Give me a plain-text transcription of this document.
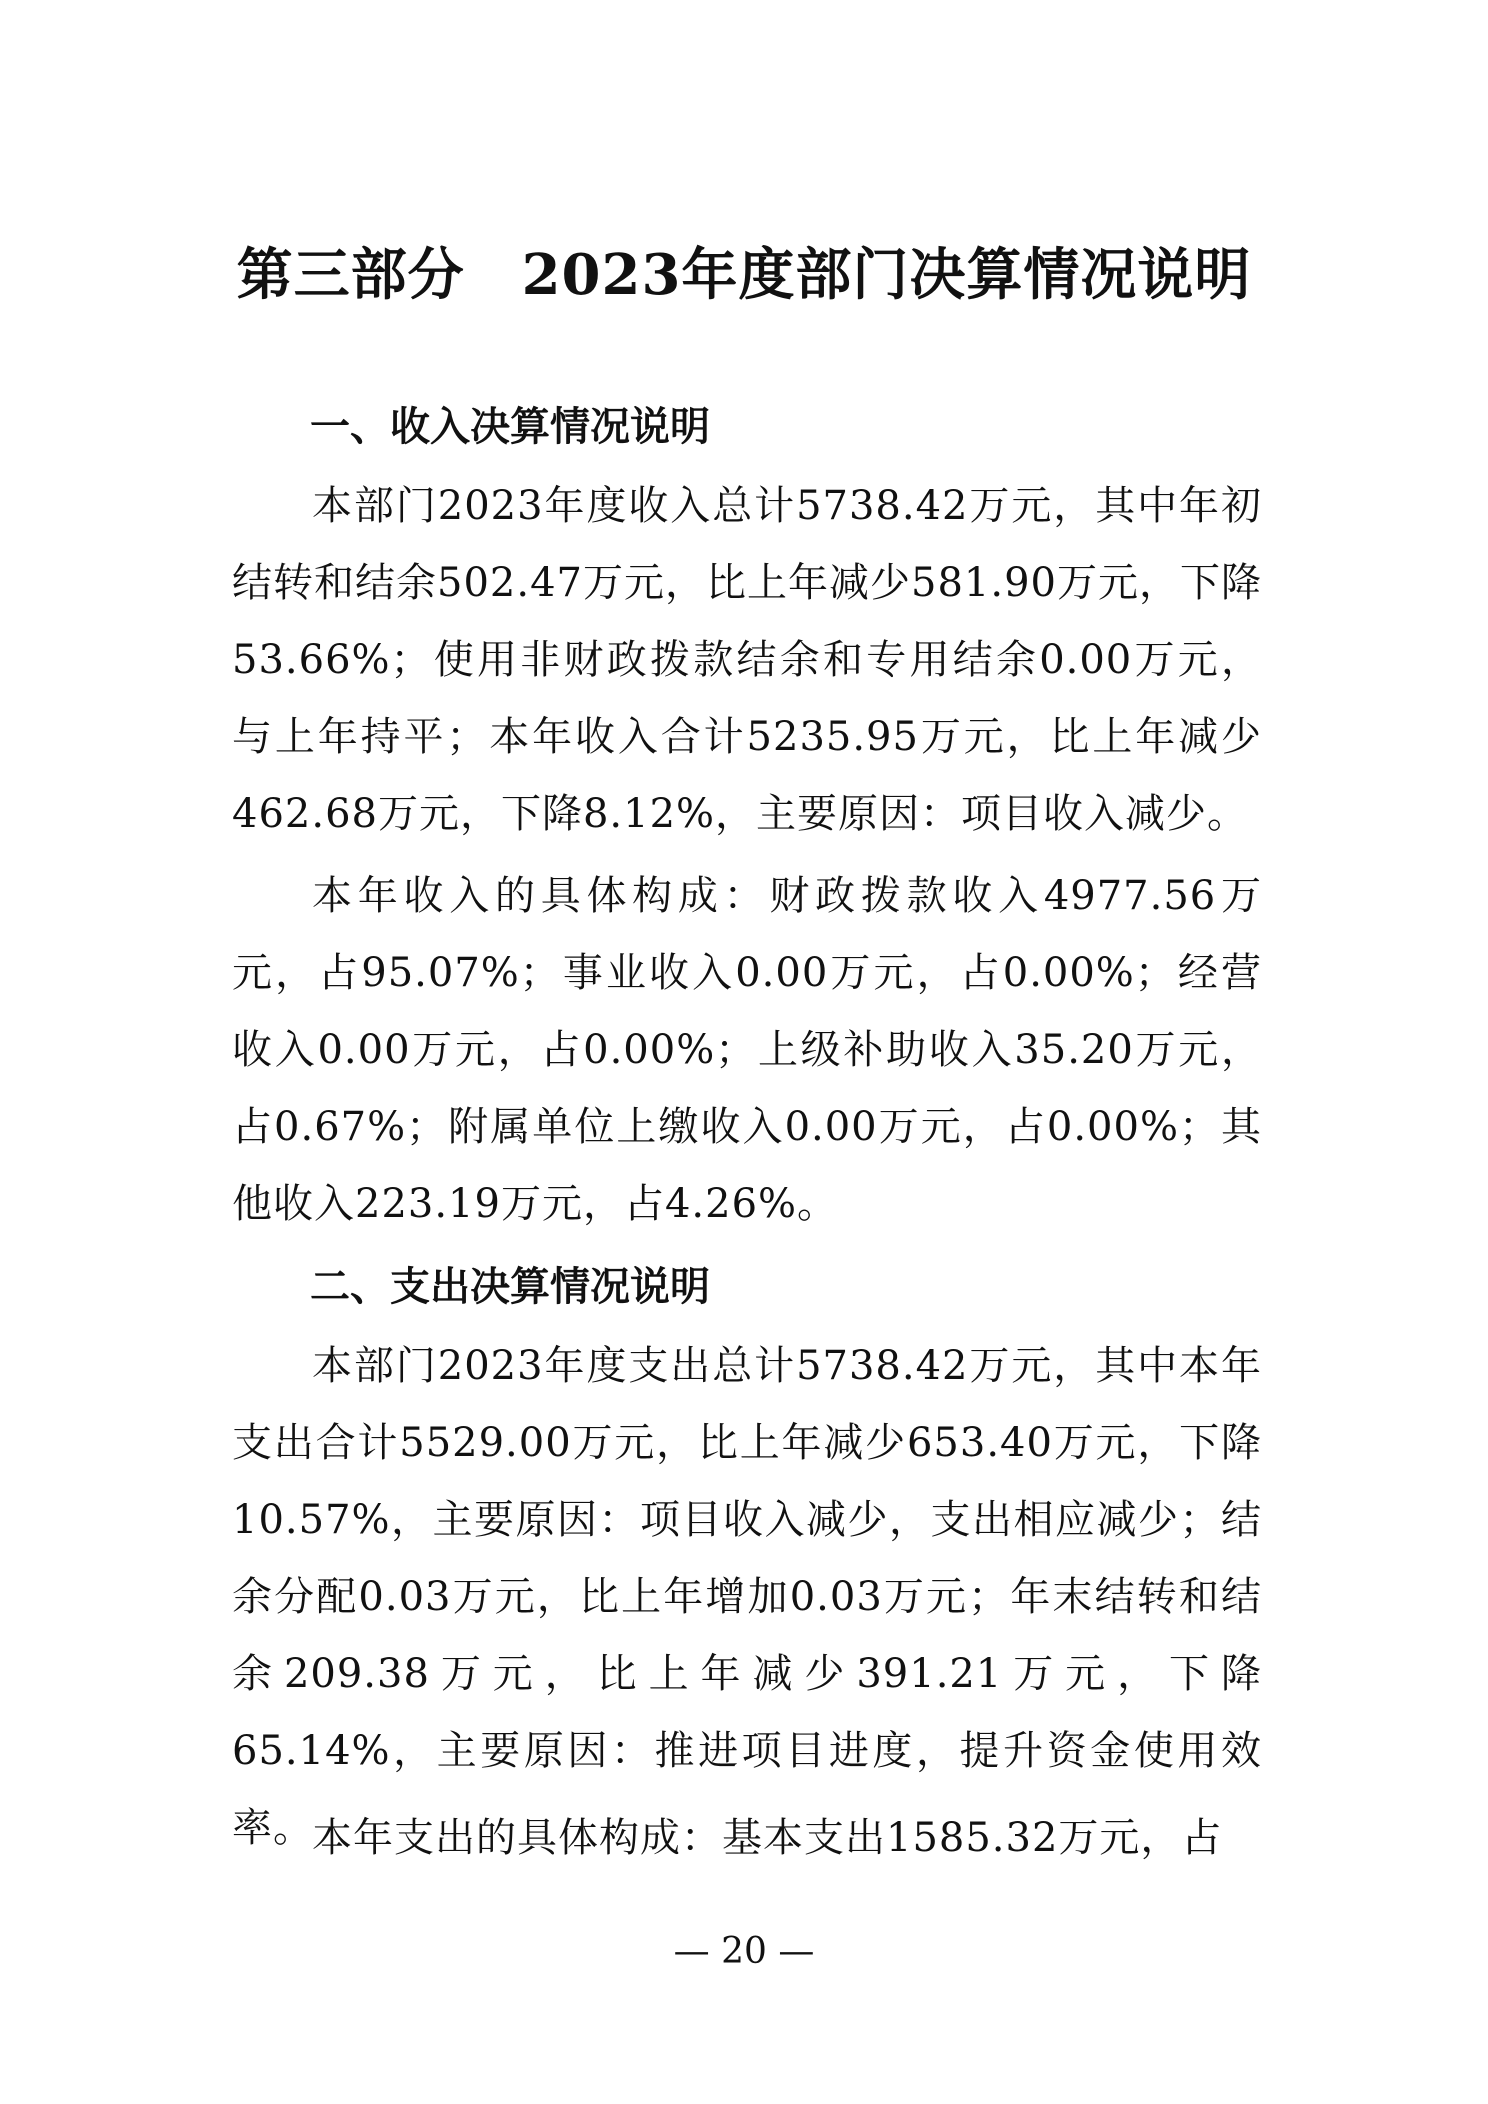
第三部分　2023年度部门决算情况说明
一、收入决算情况说明

本部门2023年度收入总计5738.42万元，其中年初结转和结余502.47万元，比上年减少581.90万元，下降53.66%；使用非财政拨款结余和专用结余0.00万元，与上年持平；本年收入合计5235.95万元，比上年减少462.68万元，下降8.12%，主要原因：项目收入减少。

本年收入的具体构成：财政拨款收入4977.56万元，占95.07%；事业收入0.00万元，占0.00%；经营收入0.00万元，占0.00%；上级补助收入35.20万元，占0.67%；附属单位上缴收入0.00万元，占0.00%；其他收入223.19万元，占4.26%。

二、支出决算情况说明

本部门2023年度支出总计5738.42万元，其中本年支出合计5529.00万元，比上年减少653.40万元，下降10.57%，主要原因：项目收入减少，支出相应减少；结余分配0.03万元，比上年增加0.03万元；年末结转和结余209.38万元，比上年减少391.21万元，下降65.14%，主要原因：推进项目进度，提升资金使用效率。

本年支出的具体构成：基本支出1585.32万元，占

— 20 —
